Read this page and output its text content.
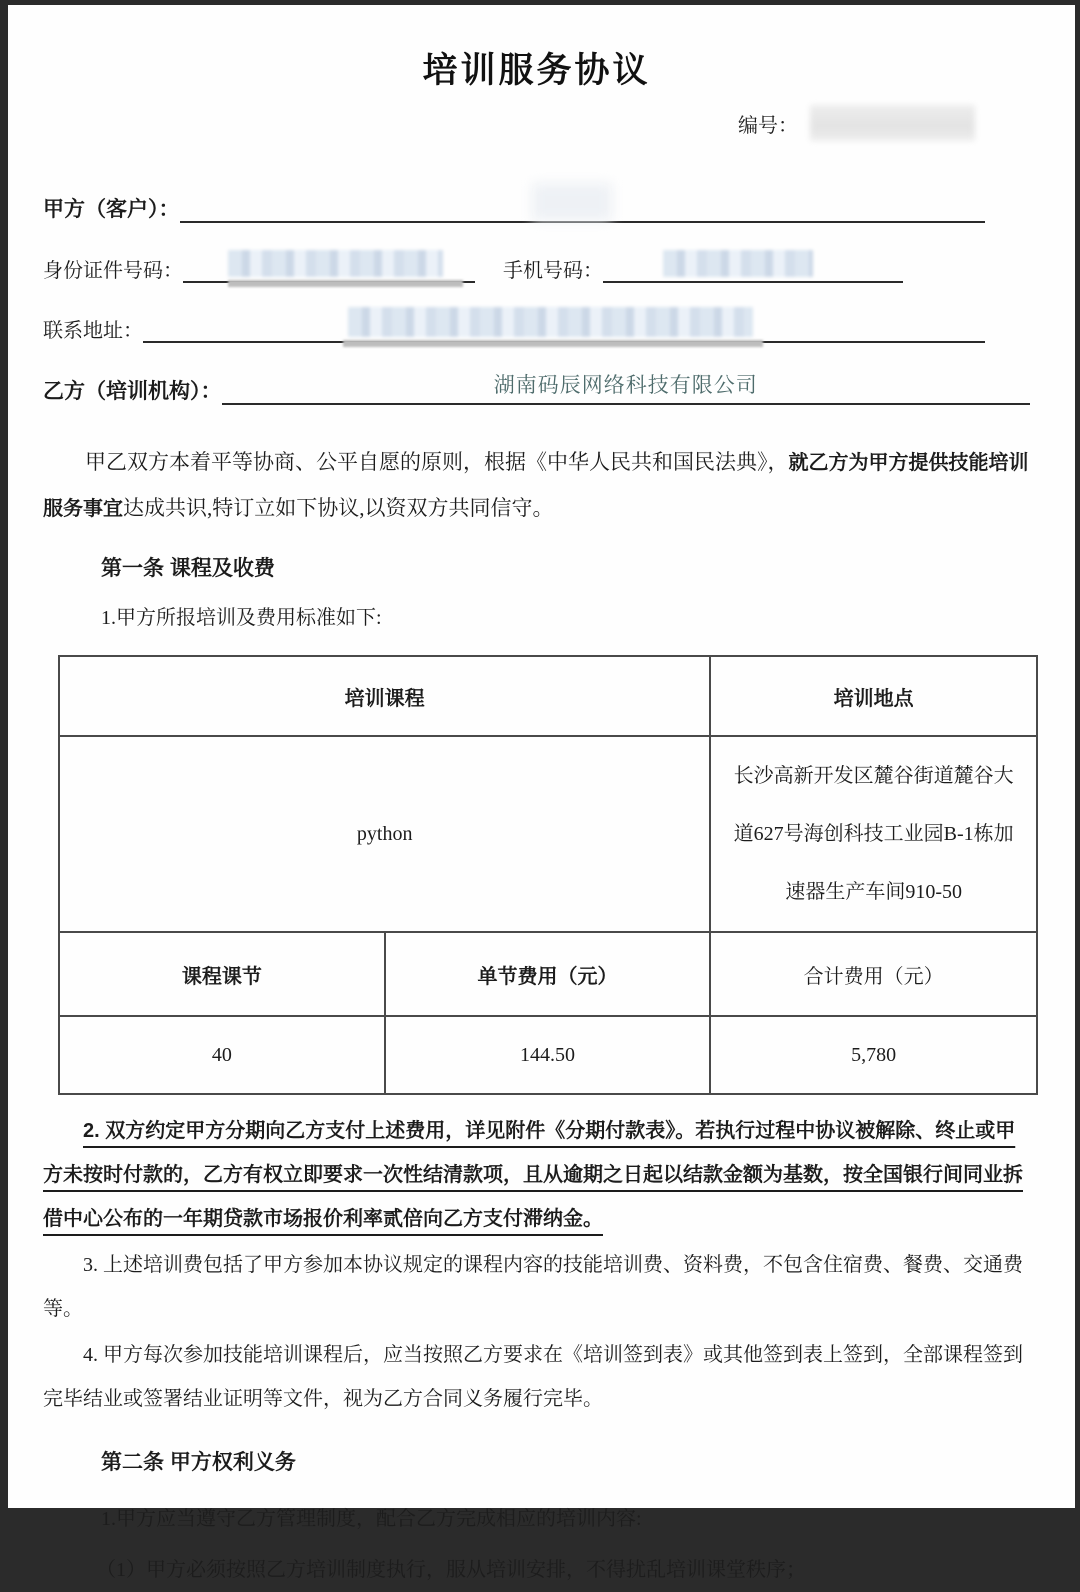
培训服务协议
编号：
甲方（客户）：
身份证件号码：	手机号码：
联系地址：
乙方（培训机构）：	湖南码辰网络科技有限公司

甲乙双方本着平等协商、公平自愿的原则，根据《中华人民共和国民法典》，就乙方为甲方提供技能培训服务事宜达成共识,特订立如下协议,以资双方共同信守。

第一条 课程及收费
1.甲方所报培训及费用标准如下:
培训课程		培训地点
python		长沙高新开发区麓谷街道麓谷大道627号海创科技工业园B-1栋加速器生产车间910-50
课程课节	单节费用（元）	合计费用（元）
40	144.50	5,780

2. 双方约定甲方分期向乙方支付上述费用，详见附件《分期付款表》。若执行过程中协议被解除、终止或甲方未按时付款的，乙方有权立即要求一次性结清款项，且从逾期之日起以结款金额为基数，按全国银行间同业拆借中心公布的一年期贷款市场报价利率贰倍向乙方支付滞纳金。

3. 上述培训费包括了甲方参加本协议规定的课程内容的技能培训费、资料费，不包含住宿费、餐费、交通费等。

4. 甲方每次参加技能培训课程后，应当按照乙方要求在《培训签到表》或其他签到表上签到，全部课程签到完毕结业或签署结业证明等文件，视为乙方合同义务履行完毕。

第二条 甲方权利义务
1.甲方应当遵守乙方管理制度，配合乙方完成相应的培训内容:
（1）甲方必须按照乙方培训制度执行，服从培训安排，不得扰乱培训课堂秩序；
